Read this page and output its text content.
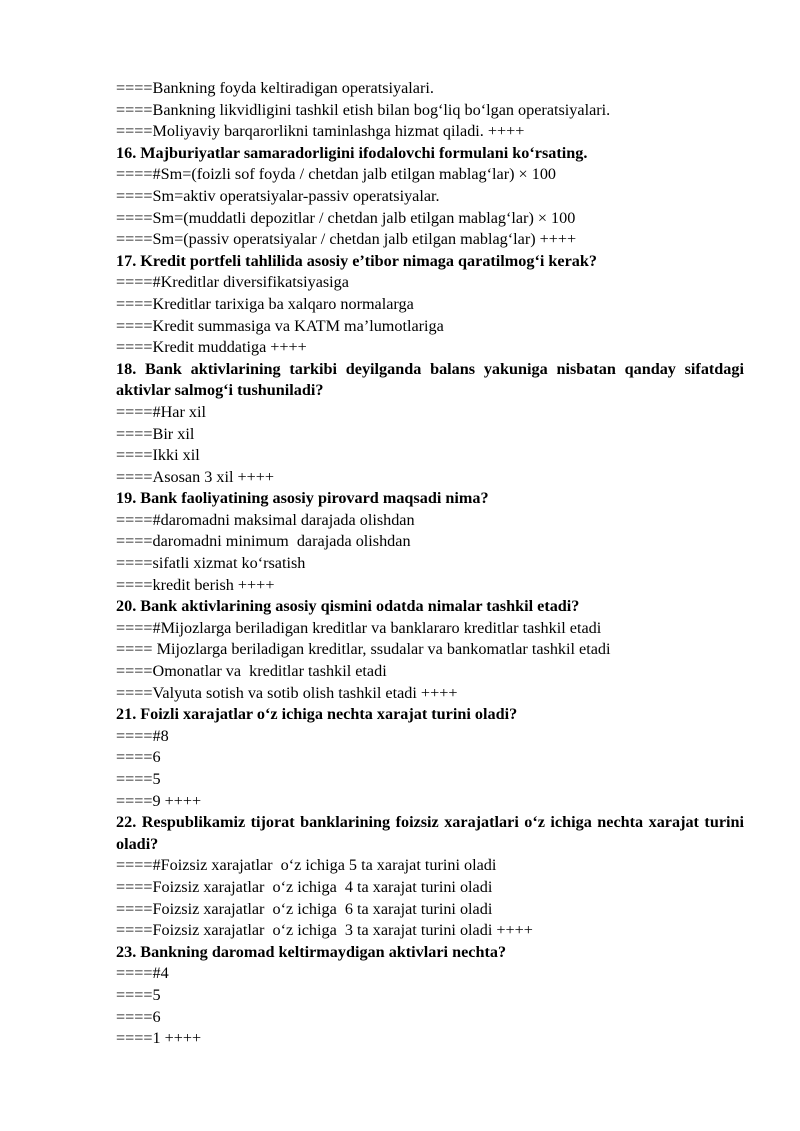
====Bankning foyda keltiradigan operatsiyalari.
====Bankning likvidligini tashkil etish bilan bog‘liq bo‘lgan operatsiyalari.
====Moliyaviy barqarorlikni taminlashga hizmat qiladi. ++++
16. Majburiyatlar samaradorligini ifodalovchi formulani ko‘rsating.
====#Sm=(foizli sof foyda / chetdan jalb etilgan mablag‘lar) × 100
====Sm=aktiv operatsiyalar-passiv operatsiyalar.
====Sm=(muddatli depozitlar / chetdan jalb etilgan mablag‘lar) × 100
====Sm=(passiv operatsiyalar / chetdan jalb etilgan mablag‘lar) ++++
17. Kredit portfeli tahlilida asosiy e’tibor nimaga qaratilmog‘i kerak?
====#Kreditlar diversifikatsiyasiga
====Kreditlar tarixiga ba xalqaro normalarga
====Kredit summasiga va KATM ma’lumotlariga
====Kredit muddatiga ++++
18. Bank aktivlarining tarkibi deyilganda balans yakuniga nisbatan qanday sifatdagi aktivlar salmog‘i tushuniladi?
====#Har xil
====Bir xil
====Ikki xil
====Asosan 3 xil ++++
19. Bank faoliyatining asosiy pirovard maqsadi nima?
====#daromadni maksimal darajada olishdan
====daromadni minimum  darajada olishdan
====sifatli xizmat ko‘rsatish
====kredit berish ++++
20. Bank aktivlarining asosiy qismini odatda nimalar tashkil etadi?
====#Mijozlarga beriladigan kreditlar va banklararo kreditlar tashkil etadi
==== Mijozlarga beriladigan kreditlar, ssudalar va bankomatlar tashkil etadi
====Omonatlar va  kreditlar tashkil etadi
====Valyuta sotish va sotib olish tashkil etadi ++++
21. Foizli xarajatlar o‘z ichiga nechta xarajat turini oladi?
====#8
====6
====5
====9 ++++
22. Respublikamiz tijorat banklarining foizsiz xarajatlari o‘z ichiga nechta xarajat turini oladi?
====#Foizsiz xarajatlar  o‘z ichiga 5 ta xarajat turini oladi
====Foizsiz xarajatlar  o‘z ichiga  4 ta xarajat turini oladi
====Foizsiz xarajatlar  o‘z ichiga  6 ta xarajat turini oladi
====Foizsiz xarajatlar  o‘z ichiga  3 ta xarajat turini oladi ++++
23. Bankning daromad keltirmaydigan aktivlari nechta?
====#4
====5
====6
====1 ++++
